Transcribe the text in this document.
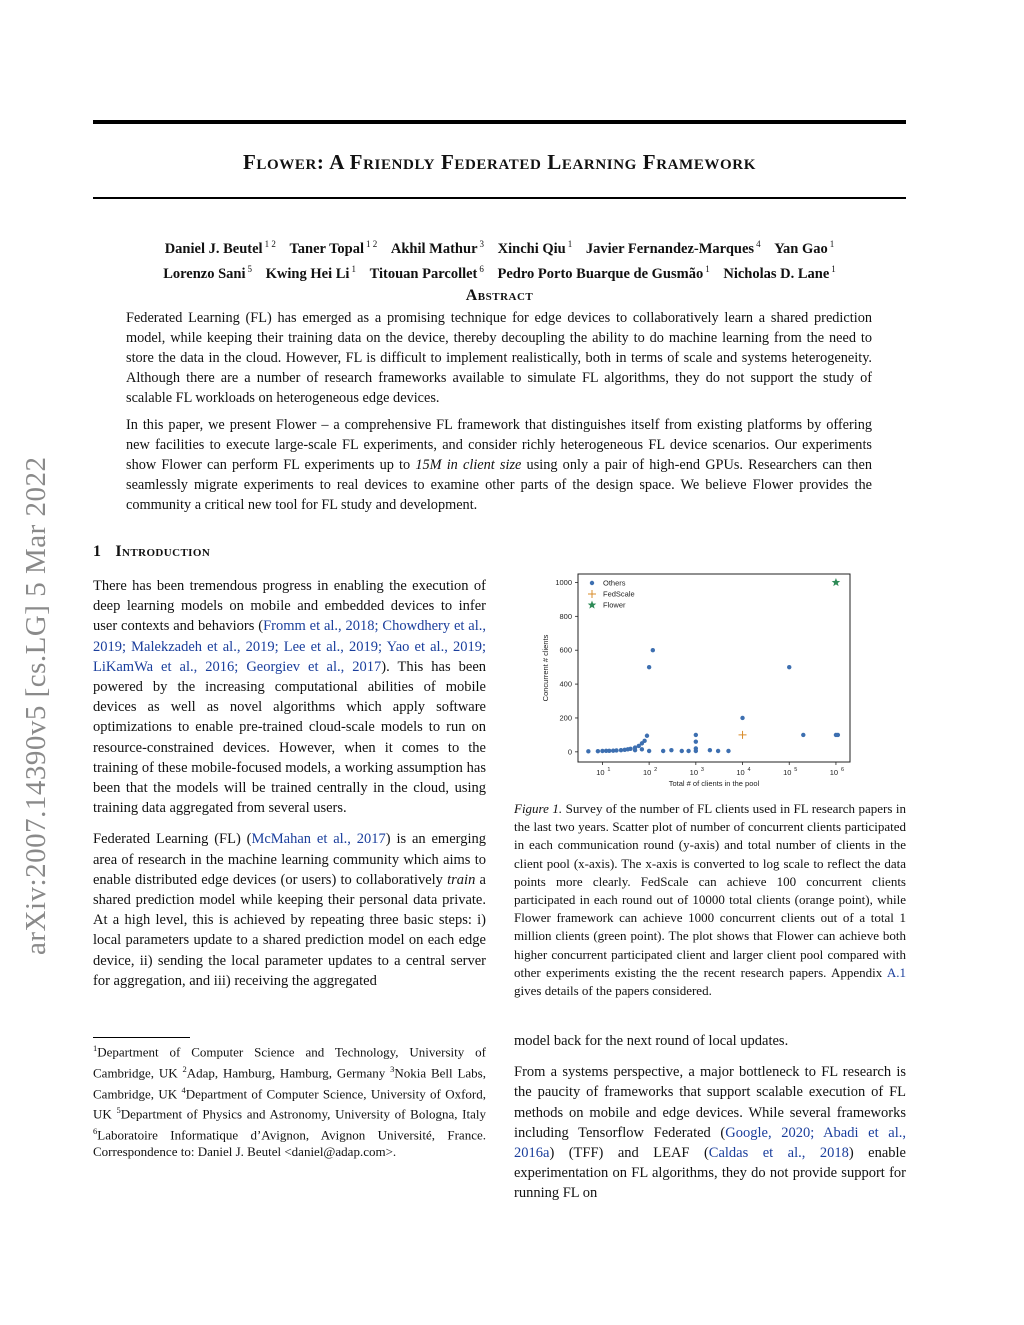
arXiv:2007.14390v5 [cs.LG] 5 Mar 2022
Flower: A Friendly Federated Learning Framework
Daniel J. Beutel $^{1 2}$ Taner Topal $^{1 2}$ Akhil Mathur $^3$ Xinchi Qiu $^1$ Javier Fernandez-Marques $^4$ Yan Gao $^1$
Lorenzo Sani $^5$ Kwing Hei Li $^1$ Titouan Parcollet $^6$ Pedro Porto Buarque de Gusmão $^1$ Nicholas D. Lane $^1$
Abstract

Federated Learning (FL) has emerged as a promising technique for edge devices to collaboratively learn a shared prediction model, while keeping their training data on the device, thereby decoupling the ability to do machine learning from the need to store the data in the cloud. However, FL is difficult to implement realistically, both in terms of scale and systems heterogeneity. Although there are a number of research frameworks available to simulate FL algorithms, they do not support the study of scalable FL workloads on heterogeneous edge devices.

In this paper, we present Flower – a comprehensive FL framework that distinguishes itself from existing platforms by offering new facilities to execute large-scale FL experiments, and consider richly heterogeneous FL device scenarios. Our experiments show Flower can perform FL experiments up to 15M in client size using only a pair of high-end GPUs. Researchers can then seamlessly migrate experiments to real devices to examine other parts of the design space. We believe Flower provides the community a critical new tool for FL study and development.

1 Introduction

There has been tremendous progress in enabling the execution of deep learning models on mobile and embedded devices to infer user contexts and behaviors (Fromm et al., 2018; Chowdhery et al., 2019; Malekzadeh et al., 2019; Lee et al., 2019; Yao et al., 2019; LiKamWa et al., 2016; Georgiev et al., 2017). This has been powered by the increasing computational abilities of mobile devices as well as novel algorithms which apply software optimizations to enable pre-trained cloud-scale models to run on resource-constrained devices. However, when it comes to the training of these mobile-focused models, a working assumption has been that the models will be trained centrally in the cloud, using training data aggregated from several users.

Federated Learning (FL) (McMahan et al., 2017) is an emerging area of research in the machine learning community which aims to enable distributed edge devices (or users) to collaboratively train a shared prediction model while keeping their personal data private. At a high level, this is achieved by repeating three basic steps: i) local parameters update to a shared prediction model on each edge device, ii) sending the local parameter updates to a central server for aggregation, and iii) receiving the aggregated

$^1$Department of Computer Science and Technology, University of Cambridge, UK $^2$Adap, Hamburg, Hamburg, Germany $^3$Nokia Bell Labs, Cambridge, UK $^4$Department of Computer Science, University of Oxford, UK $^5$Department of Physics and Astronomy, University of Bologna, Italy $^6$Laboratoire Informatique d’Avignon, Avignon Université, France. Correspondence to: Daniel J. Beutel <daniel@adap.com>.
0
200
400
600
800
1000
10 1	10 2	10 3	10 4	10 5	10 6
Others
FedScale
Flower
Total # of clients in the pool
Concurrent # clients
Figure 1. Survey of the number of FL clients used in FL research papers in the last two years. Scatter plot of number of concurrent clients participated in each communication round (y-axis) and total number of clients in the client pool (x-axis). The x-axis is converted to log scale to reflect the data points more clearly. FedScale can achieve 100 concurrent clients participated in each round out of 10000 total clients (orange point), while Flower framework can achieve 1000 concurrent clients out of a total 1 million clients (green point). The plot shows that Flower can achieve both higher concurrent participated client and larger client pool compared with other experiments existing the the recent research papers. Appendix A.1 gives details of the papers considered.

model back for the next round of local updates.

From a systems perspective, a major bottleneck to FL research is the paucity of frameworks that support scalable execution of FL methods on mobile and edge devices. While several frameworks including Tensorflow Federated (Google, 2020; Abadi et al., 2016a) (TFF) and LEAF (Caldas et al., 2018) enable experimentation on FL algorithms, they do not provide support for running FL on
